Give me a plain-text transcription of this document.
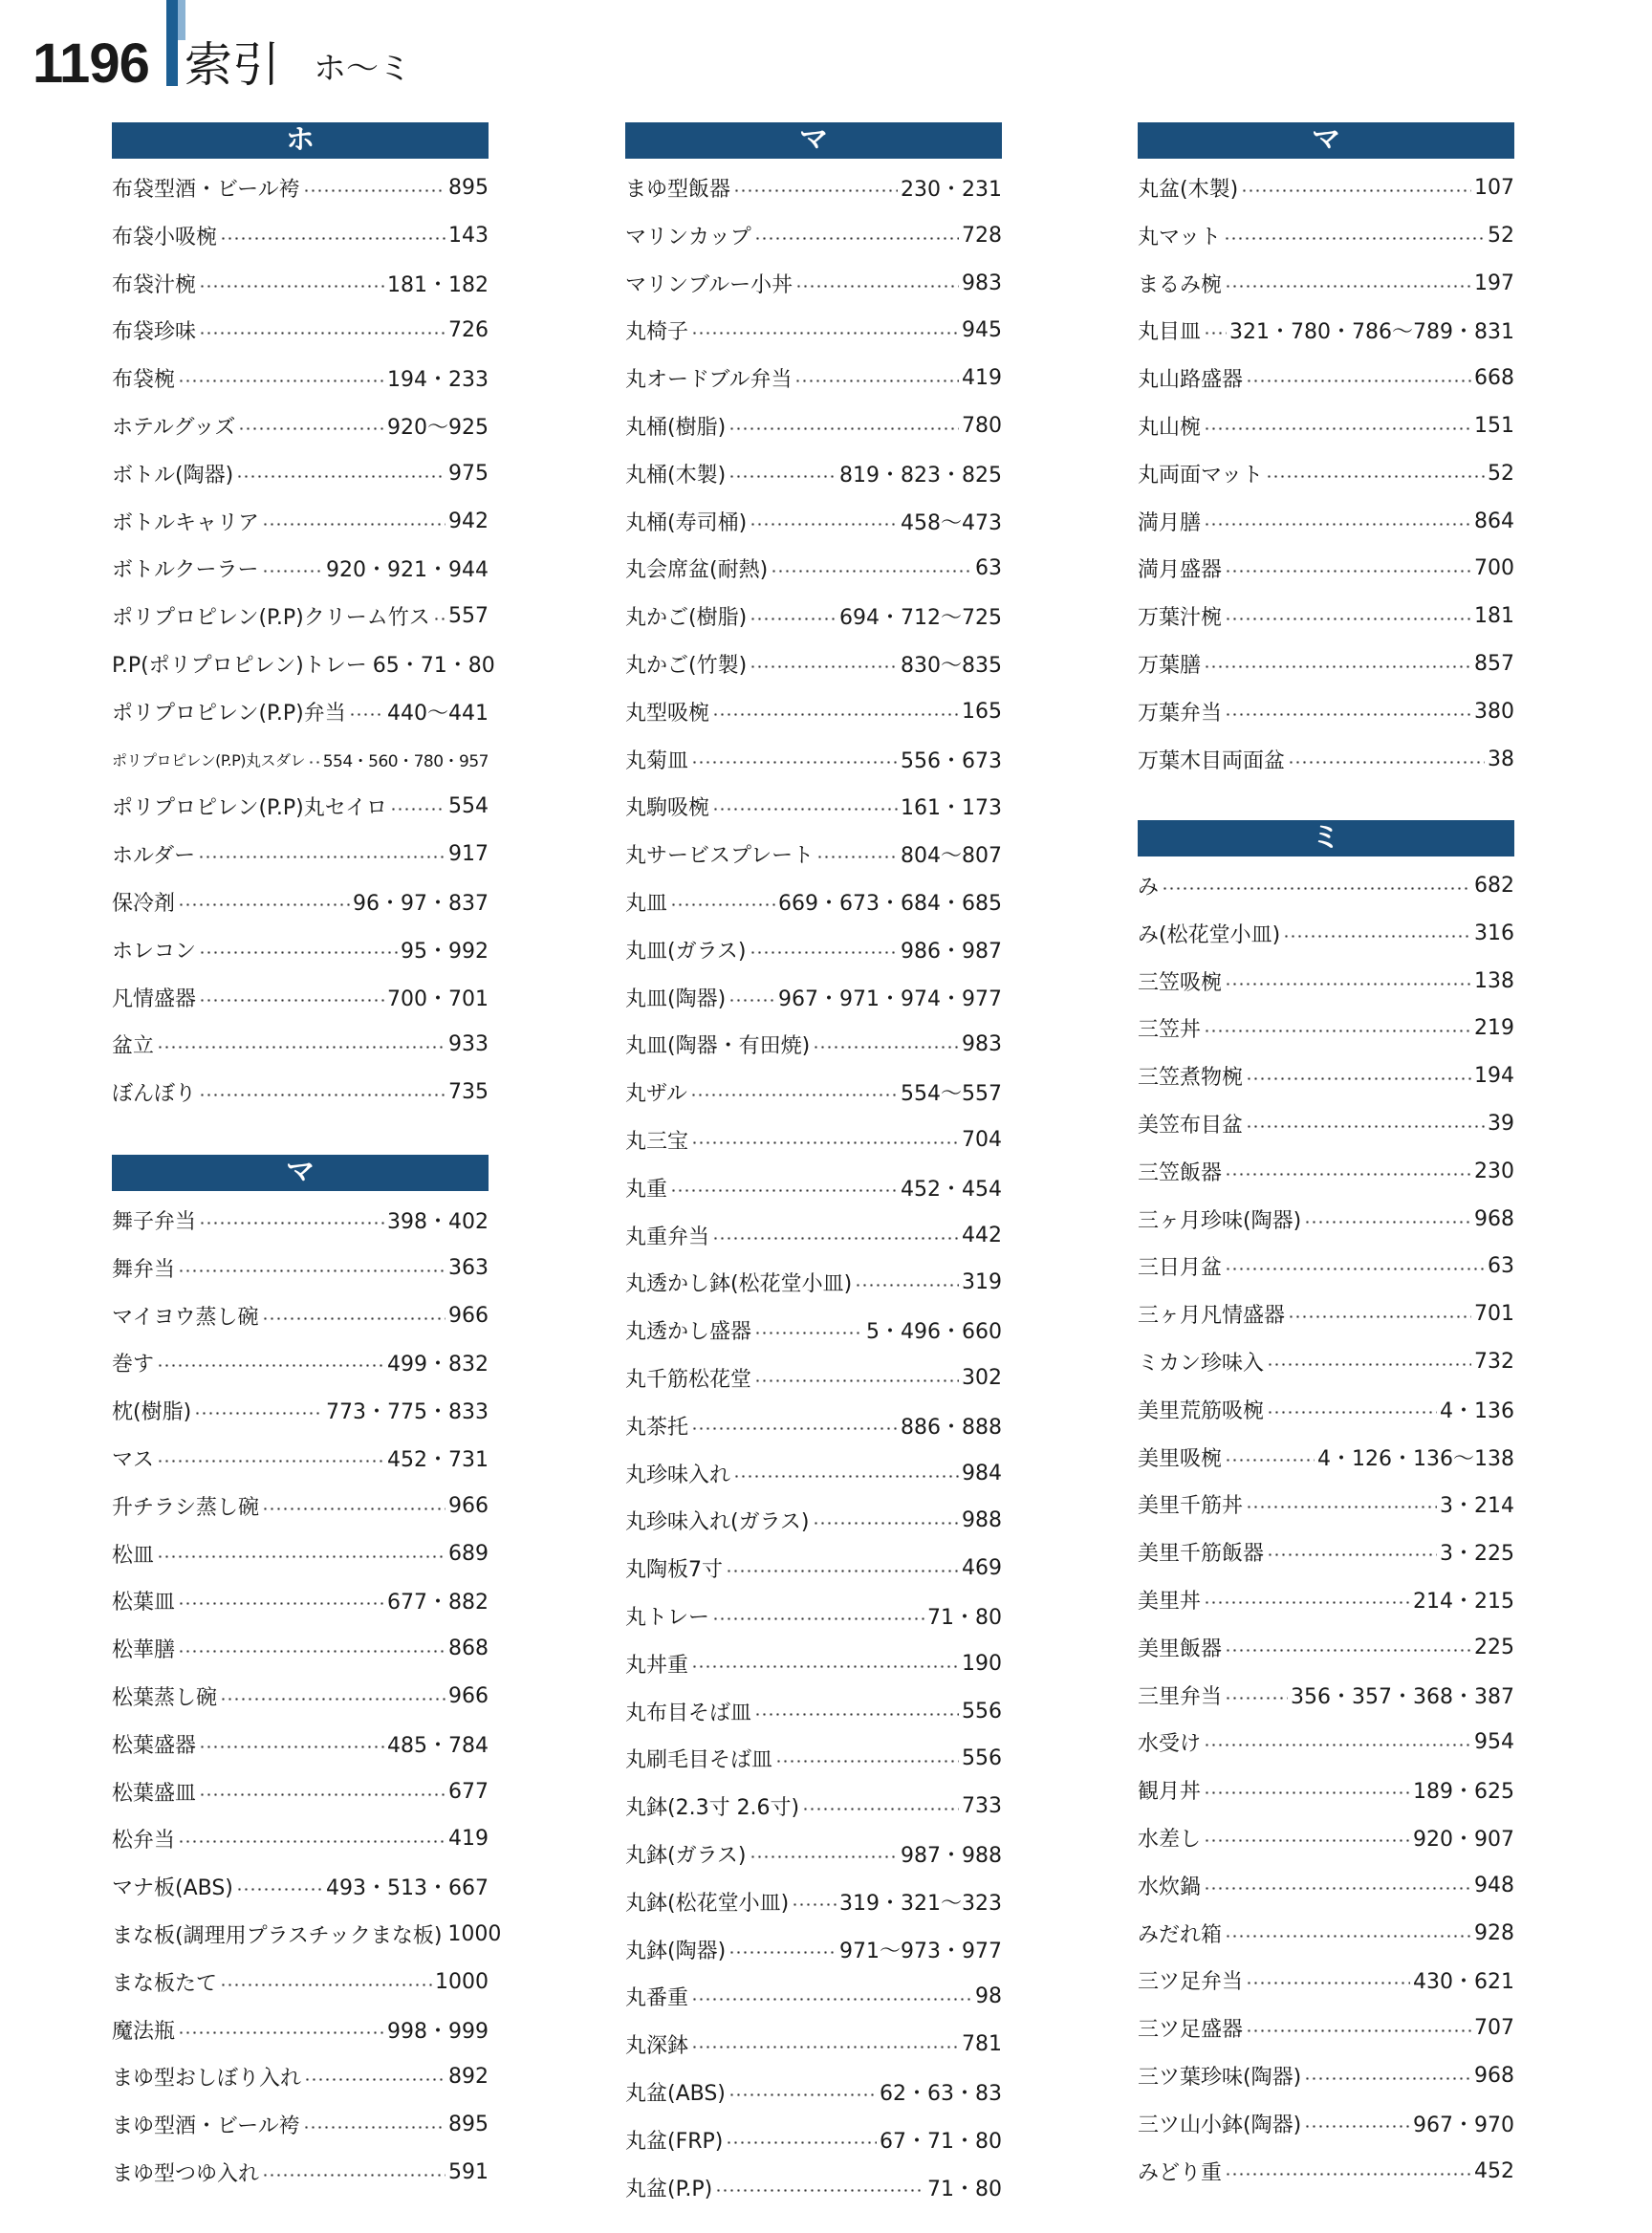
1196 索引 ホ〜ミ
ホ
布袋型酒・ビール袴	895
布袋小吸椀	143
布袋汁椀	181・182
布袋珍味	726
布袋椀	194・233
ホテルグッズ	920〜925
ボトル(陶器)	975
ボトルキャリア	942
ボトルクーラー	920・921・944
ポリプロピレン(P.P)クリーム竹ス 557
P.P(ポリプロピレン)トレー 65・71・80
ポリプロピレン(P.P)弁当 440〜441
ポリプロピレン(P.P)丸スダレ 554・560・780・957
ポリプロピレン(P.P)丸セイロ	554
ホルダー	917
保冷剤	96・97・837
ホレコン	95・992
凡情盛器	700・701
盆立	933
ぼんぼり	735
マ
舞子弁当	398・402
舞弁当	363
マイヨウ蒸し碗	966
巻す	499・832
枕(樹脂)	773・775・833
マス	452・731
升チラシ蒸し碗	966
松皿	689
松葉皿	677・882
松華膳	868
松葉蒸し碗	966
松葉盛器	485・784
松葉盛皿	677
松弁当	419
マナ板(ABS)	493・513・667
まな板(調理用プラスチックまな板) 1000
まな板たて	1000
魔法瓶	998・999
まゆ型おしぼり入れ	892
まゆ型酒・ビール袴	895
まゆ型つゆ入れ	591
マ
まゆ型飯器	230・231
マリンカップ	728
マリンブルー小丼	983
丸椅子	945
丸オードブル弁当	419
丸桶(樹脂)	780
丸桶(木製)	819・823・825
丸桶(寿司桶)	458〜473
丸会席盆(耐熱)	63
丸かご(樹脂)	694・712〜725
丸かご(竹製)	830〜835
丸型吸椀	165
丸菊皿	556・673
丸駒吸椀	161・173
丸サービスプレート	804〜807
丸皿	669・673・684・685
丸皿(ガラス)	986・987
丸皿(陶器) 967・971・974・977
丸皿(陶器・有田焼)	983
丸ザル	554〜557
丸三宝	704
丸重	452・454
丸重弁当	442
丸透かし鉢(松花堂小皿)	319
丸透かし盛器	5・496・660
丸千筋松花堂	302
丸茶托	886・888
丸珍味入れ	984
丸珍味入れ(ガラス)	988
丸陶板7寸	469
丸トレー	71・80
丸丼重	190
丸布目そば皿	556
丸刷毛目そば皿	556
丸鉢(2.3寸 2.6寸)	733
丸鉢(ガラス)	987・988
丸鉢(松花堂小皿) 319・321〜323
丸鉢(陶器)	971〜973・977
丸番重	98
丸深鉢	781
丸盆(ABS)	62・63・83
丸盆(FRP)	67・71・80
丸盆(P.P)	71・80
マ
丸盆(木製)	107
丸マット	52
まるみ椀	197
丸目皿 321・780・786〜789・831
丸山路盛器	668
丸山椀	151
丸両面マット	52
満月膳	864
満月盛器	700
万葉汁椀	181
万葉膳	857
万葉弁当	380
万葉木目両面盆	38
ミ
み	682
み(松花堂小皿)	316
三笠吸椀	138
三笠丼	219
三笠煮物椀	194
美笠布目盆	39
三笠飯器	230
三ヶ月珍味(陶器)	968
三日月盆	63
三ヶ月凡情盛器	701
ミカン珍味入	732
美里荒筋吸椀	4・136
美里吸椀	4・126・136〜138
美里千筋丼	3・214
美里千筋飯器	3・225
美里丼	214・215
美里飯器	225
三里弁当	356・357・368・387
水受け	954
観月丼	189・625
水差し	920・907
水炊鍋	948
みだれ箱	928
三ツ足弁当	430・621
三ツ足盛器	707
三ツ葉珍味(陶器)	968
三ツ山小鉢(陶器)	967・970
みどり重	452
